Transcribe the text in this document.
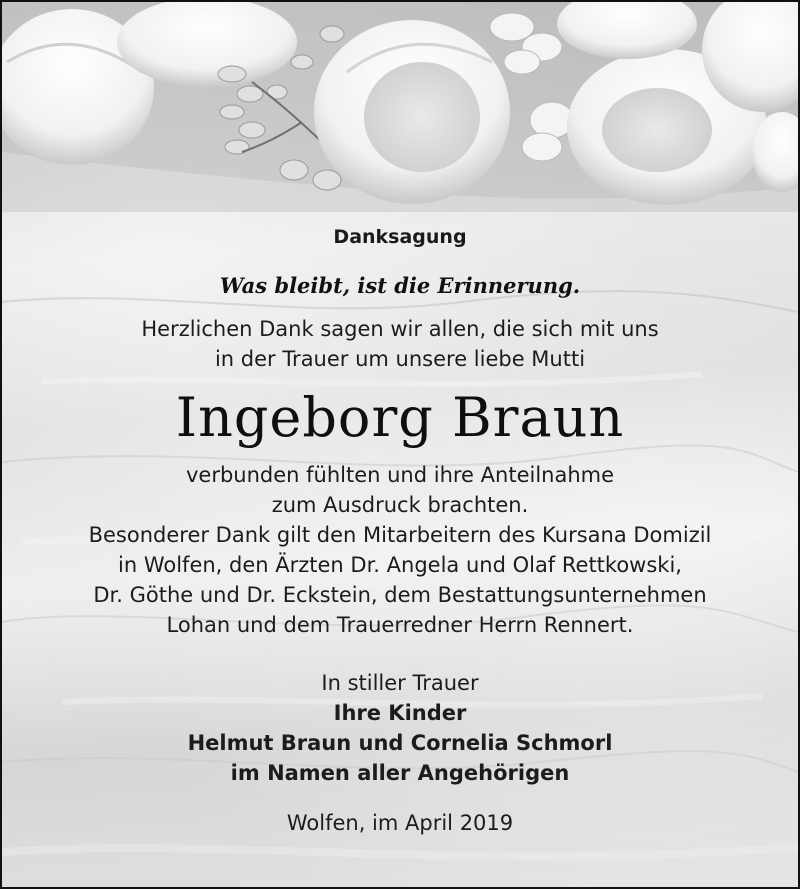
Danksagung
Was bleibt, ist die Erinnerung.
Herzlichen Dank sagen wir allen, die sich mit uns
in der Trauer um unsere liebe Mutti
Ingeborg Braun
verbunden fühlten und ihre Anteilnahme
zum Ausdruck brachten.
Besonderer Dank gilt den Mitarbeitern des Kursana Domizil
in Wolfen, den Ärzten Dr. Angela und Olaf Rettkowski,
Dr. Göthe und Dr. Eckstein, dem Bestattungsunternehmen
Lohan und dem Trauerredner Herrn Rennert.
In stiller Trauer
Ihre Kinder
Helmut Braun und Cornelia Schmorl
im Namen aller Angehörigen
Wolfen, im April 2019
